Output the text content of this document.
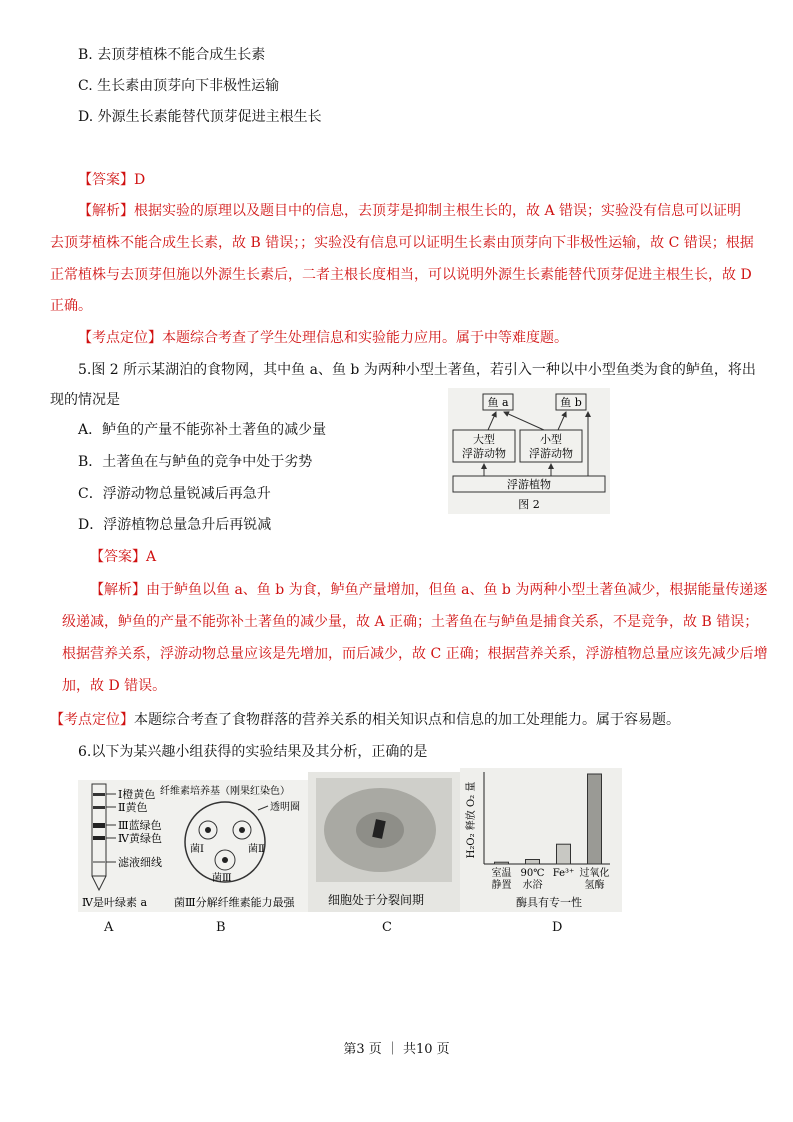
B. 去顶芽植株不能合成生长素
C. 生长素由顶芽向下非极性运输
D. 外源生长素能替代顶芽促进主根生长
【答案】D
【解析】根据实验的原理以及题目中的信息，去顶芽是抑制主根生长的，故 A 错误；实验没有信息可以证明
去顶芽植株不能合成生长素，故 B 错误；；实验没有信息可以证明生长素由顶芽向下非极性运输，故 C 错误；根据
正常植株与去顶芽但施以外源生长素后，二者主根长度相当，可以说明外源生长素能替代顶芽促进主根生长，故 D
正确。
【考点定位】本题综合考查了学生处理信息和实验能力应用。属于中等难度题。
5.图 2 所示某湖泊的食物网，其中鱼 a、鱼 b 为两种小型土著鱼，若引入一种以中小型鱼类为食的鲈鱼，将出
现的情况是
A．鲈鱼的产量不能弥补土著鱼的减少量
B．土著鱼在与鲈鱼的竞争中处于劣势
C．浮游动物总量锐减后再急升
D．浮游植物总量急升后再锐减
鱼 a	鱼 b
大型
浮游动物
小型
浮游动物
浮游植物
图 2
【答案】A
【解析】由于鲈鱼以鱼 a、鱼 b 为食，鲈鱼产量增加，但鱼 a、鱼 b 为两种小型土著鱼减少，根据能量传递逐
级递减，鲈鱼的产量不能弥补土著鱼的减少量，故 A 正确；土著鱼在与鲈鱼是捕食关系，不是竞争，故 B 错误；
根据营养关系，浮游动物总量应该是先增加，而后减少，故 C 正确；根据营养关系，浮游植物总量应该先减少后增
加，故 D 错误。
【考点定位】本题综合考查了食物群落的营养关系的相关知识点和信息的加工处理能力。属于容易题。
6.以下为某兴趣小组获得的实验结果及其分析，正确的是
Ⅰ橙黄色
Ⅱ黄色
Ⅲ蓝绿色
Ⅳ黄绿色
滤液细线
Ⅳ是叶绿素 a
纤维素培养基（刚果红染色）
透明圈
菌Ⅰ	菌Ⅱ
菌Ⅲ
菌Ⅲ分解纤维素能力最强	细胞处于分裂间期
H₂O₂ 释放 O₂ 量
室温
静置
90℃
水浴
Fe³⁺ 过氧化
氢酶
酶具有专一性
A	B	C	D
第3 页 ｜ 共10 页
